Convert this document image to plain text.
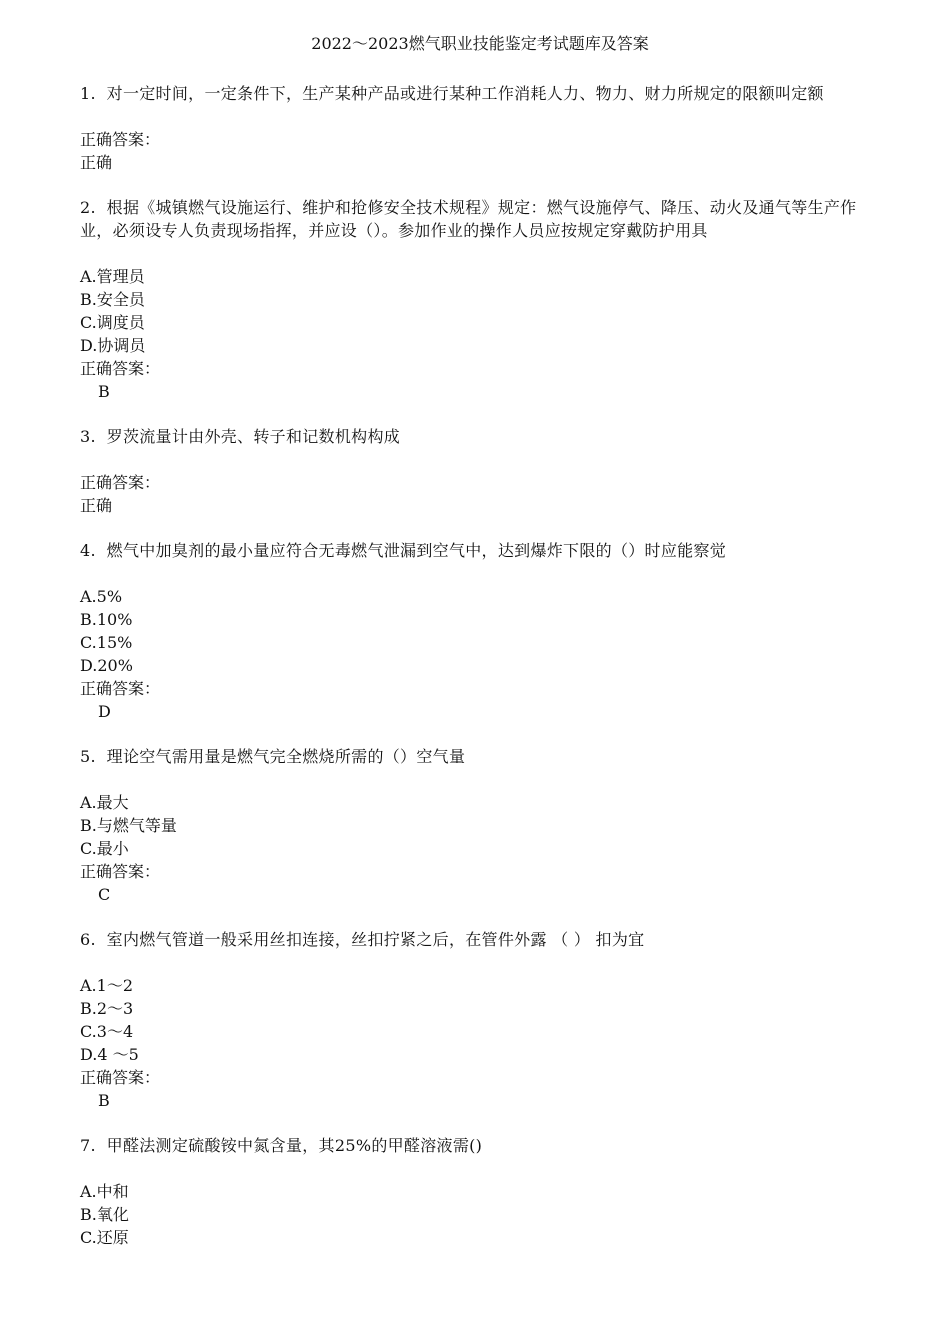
2022～2023燃气职业技能鉴定考试题库及答案
1. 对一定时间，一定条件下，生产某种产品或进行某种工作消耗人力、物力、财力所规定的限额叫定额
正确答案：
正确
2. 根据《城镇燃气设施运行、维护和抢修安全技术规程》规定：燃气设施停气、降压、动火及通气等生产作业，必须设专人负责现场指挥，并应设（）。参加作业的操作人员应按规定穿戴防护用具
A.管理员
B.安全员
C.调度员
D.协调员
正确答案：
B
3. 罗茨流量计由外壳、转子和记数机构构成
正确答案：
正确
4. 燃气中加臭剂的最小量应符合无毒燃气泄漏到空气中，达到爆炸下限的（）时应能察觉
A.5%
B.10%
C.15%
D.20%
正确答案：
D
5. 理论空气需用量是燃气完全燃烧所需的（）空气量
A.最大
B.与燃气等量
C.最小
正确答案：
C
6. 室内燃气管道一般采用丝扣连接，丝扣拧紧之后，在管件外露 （ ） 扣为宜
A.1～2
B.2～3
C.3～4
D.4 ～5
正确答案：
B
7. 甲醛法测定硫酸铵中氮含量，其25%的甲醛溶液需()
A.中和
B.氧化
C.还原
